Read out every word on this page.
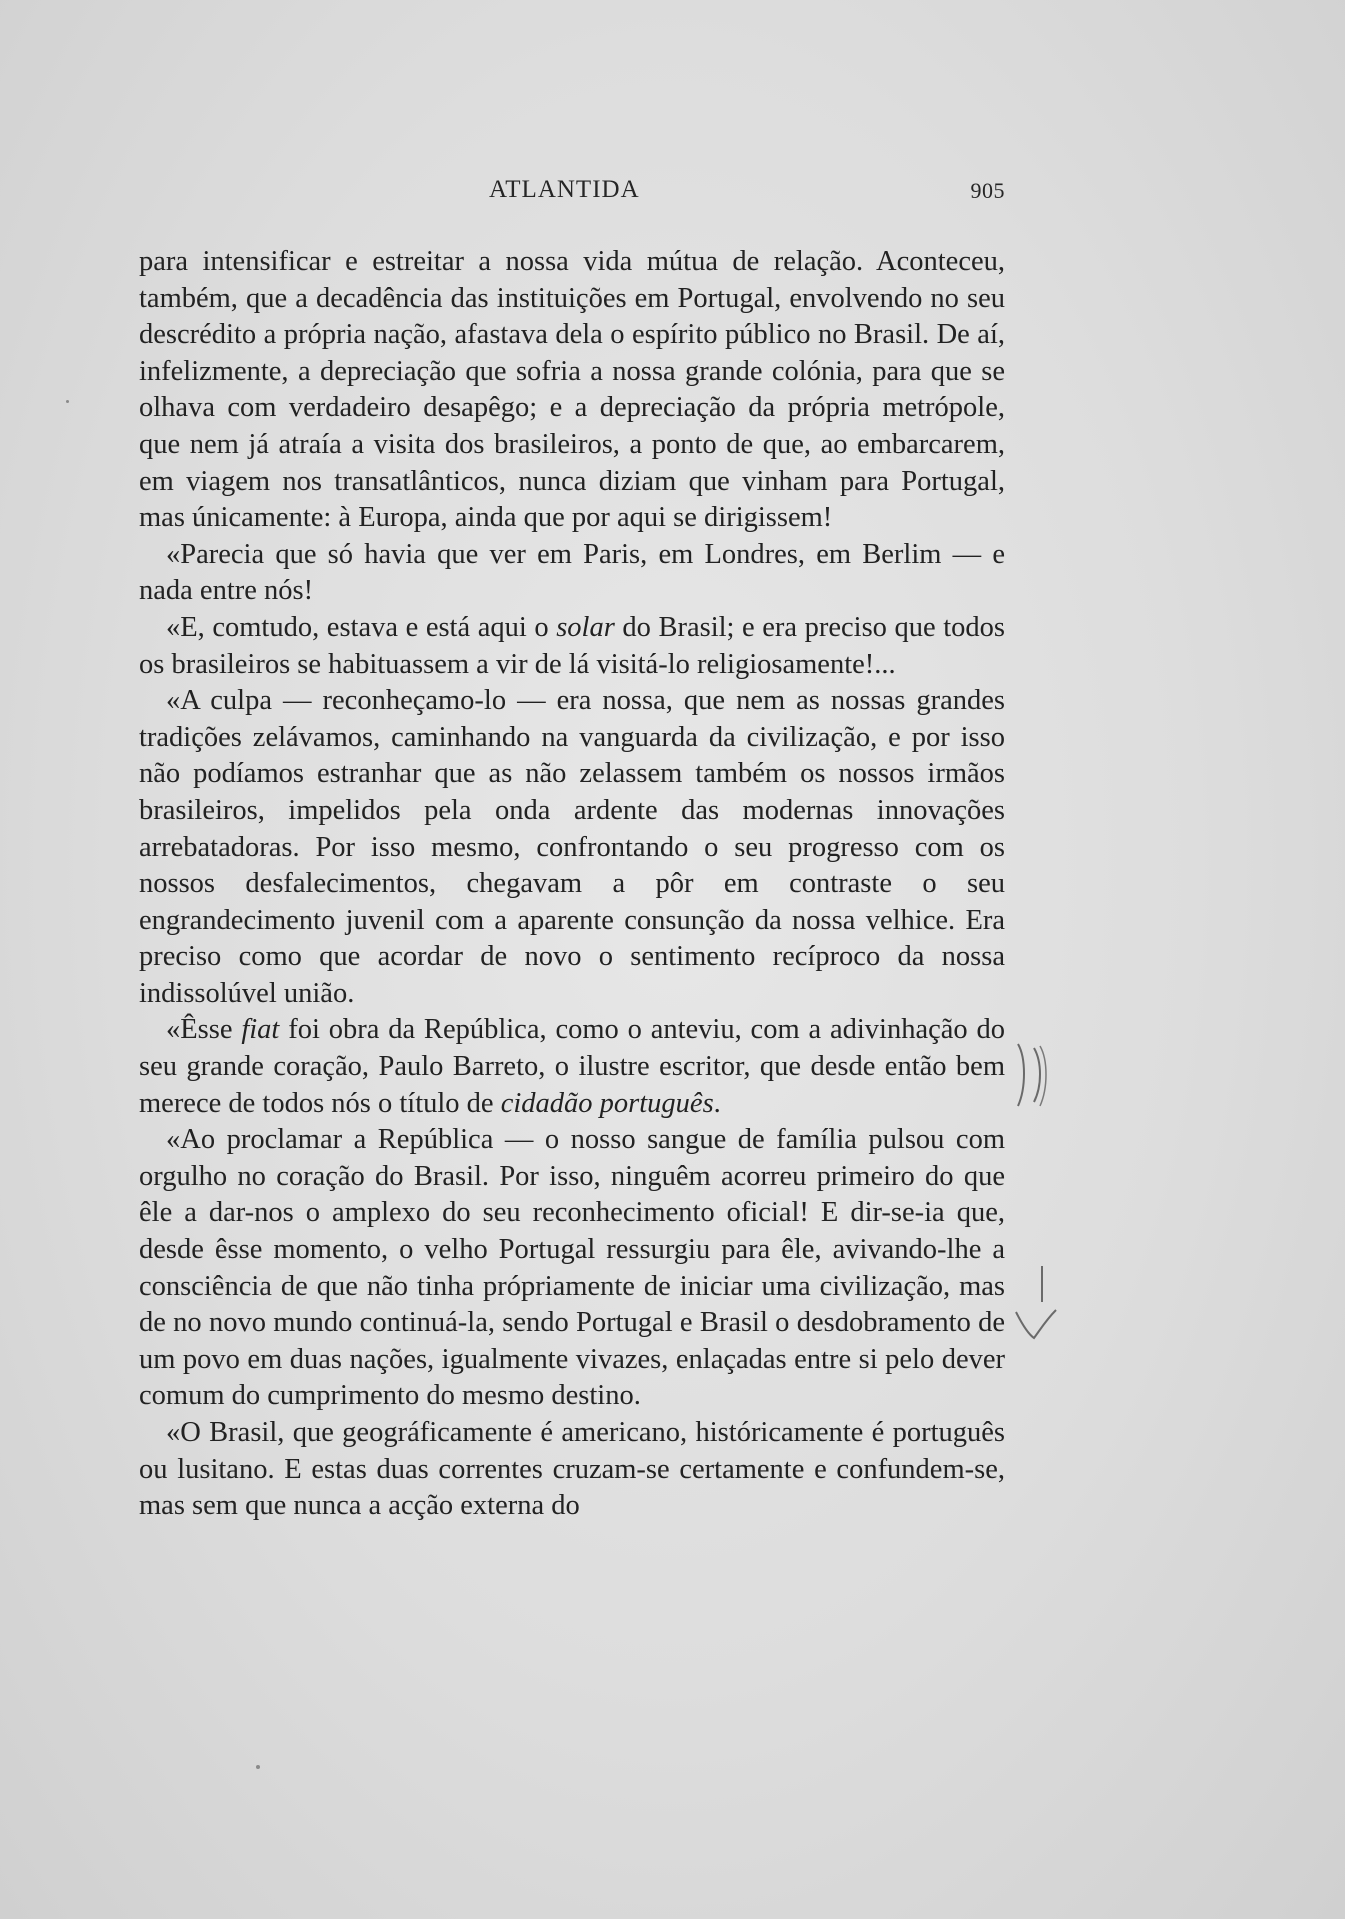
ATLANTIDA	905

para intensificar e estreitar a nossa vida mútua de relação. Aconteceu, também, que a decadência das instituições em Portugal, envolvendo no seu descrédito a própria nação, afastava dela o espírito público no Brasil. De aí, infelizmente, a depreciação que sofria a nossa grande colónia, para que se olhava com verdadeiro desapêgo; e a depreciação da própria metrópole, que nem já atraía a visita dos brasileiros, a ponto de que, ao embarcarem, em viagem nos transatlânticos, nunca diziam que vinham para Portugal, mas únicamente: à Europa, ainda que por aqui se dirigissem!

«Parecia que só havia que ver em Paris, em Londres, em Berlim — e nada entre nós!

«E, comtudo, estava e está aqui o solar do Brasil; e era preciso que todos os brasileiros se habituassem a vir de lá visitá-lo religiosamente!...

«A culpa — reconheçamo-lo — era nossa, que nem as nossas grandes tradições zelávamos, caminhando na vanguarda da civilização, e por isso não podíamos estranhar que as não zelassem também os nossos irmãos brasileiros, impelidos pela onda ardente das modernas innovações arrebatadoras. Por isso mesmo, confrontando o seu progresso com os nossos desfalecimentos, chegavam a pôr em contraste o seu engrandecimento juvenil com a aparente consunção da nossa velhice. Era preciso como que acordar de novo o sentimento recíproco da nossa indissolúvel união.

«Êsse fiat foi obra da República, como o anteviu, com a adivinhação do seu grande coração, Paulo Barreto, o ilustre escritor, que desde então bem merece de todos nós o título de cidadão português.

«Ao proclamar a República — o nosso sangue de família pulsou com orgulho no coração do Brasil. Por isso, ninguêm acorreu primeiro do que êle a dar-nos o amplexo do seu reconhecimento oficial! E dir-se-ia que, desde êsse momento, o velho Portugal ressurgiu para êle, avivando-lhe a consciência de que não tinha própriamente de iniciar uma civilização, mas de no novo mundo continuá-la, sendo Portugal e Brasil o desdobramento de um povo em duas nações, igualmente vivazes, enlaçadas entre si pelo dever comum do cumprimento do mesmo destino.

«O Brasil, que geográficamente é americano, históricamente é português ou lusitano. E estas duas correntes cruzam-se certamente e confundem-se, mas sem que nunca a acção externa do
